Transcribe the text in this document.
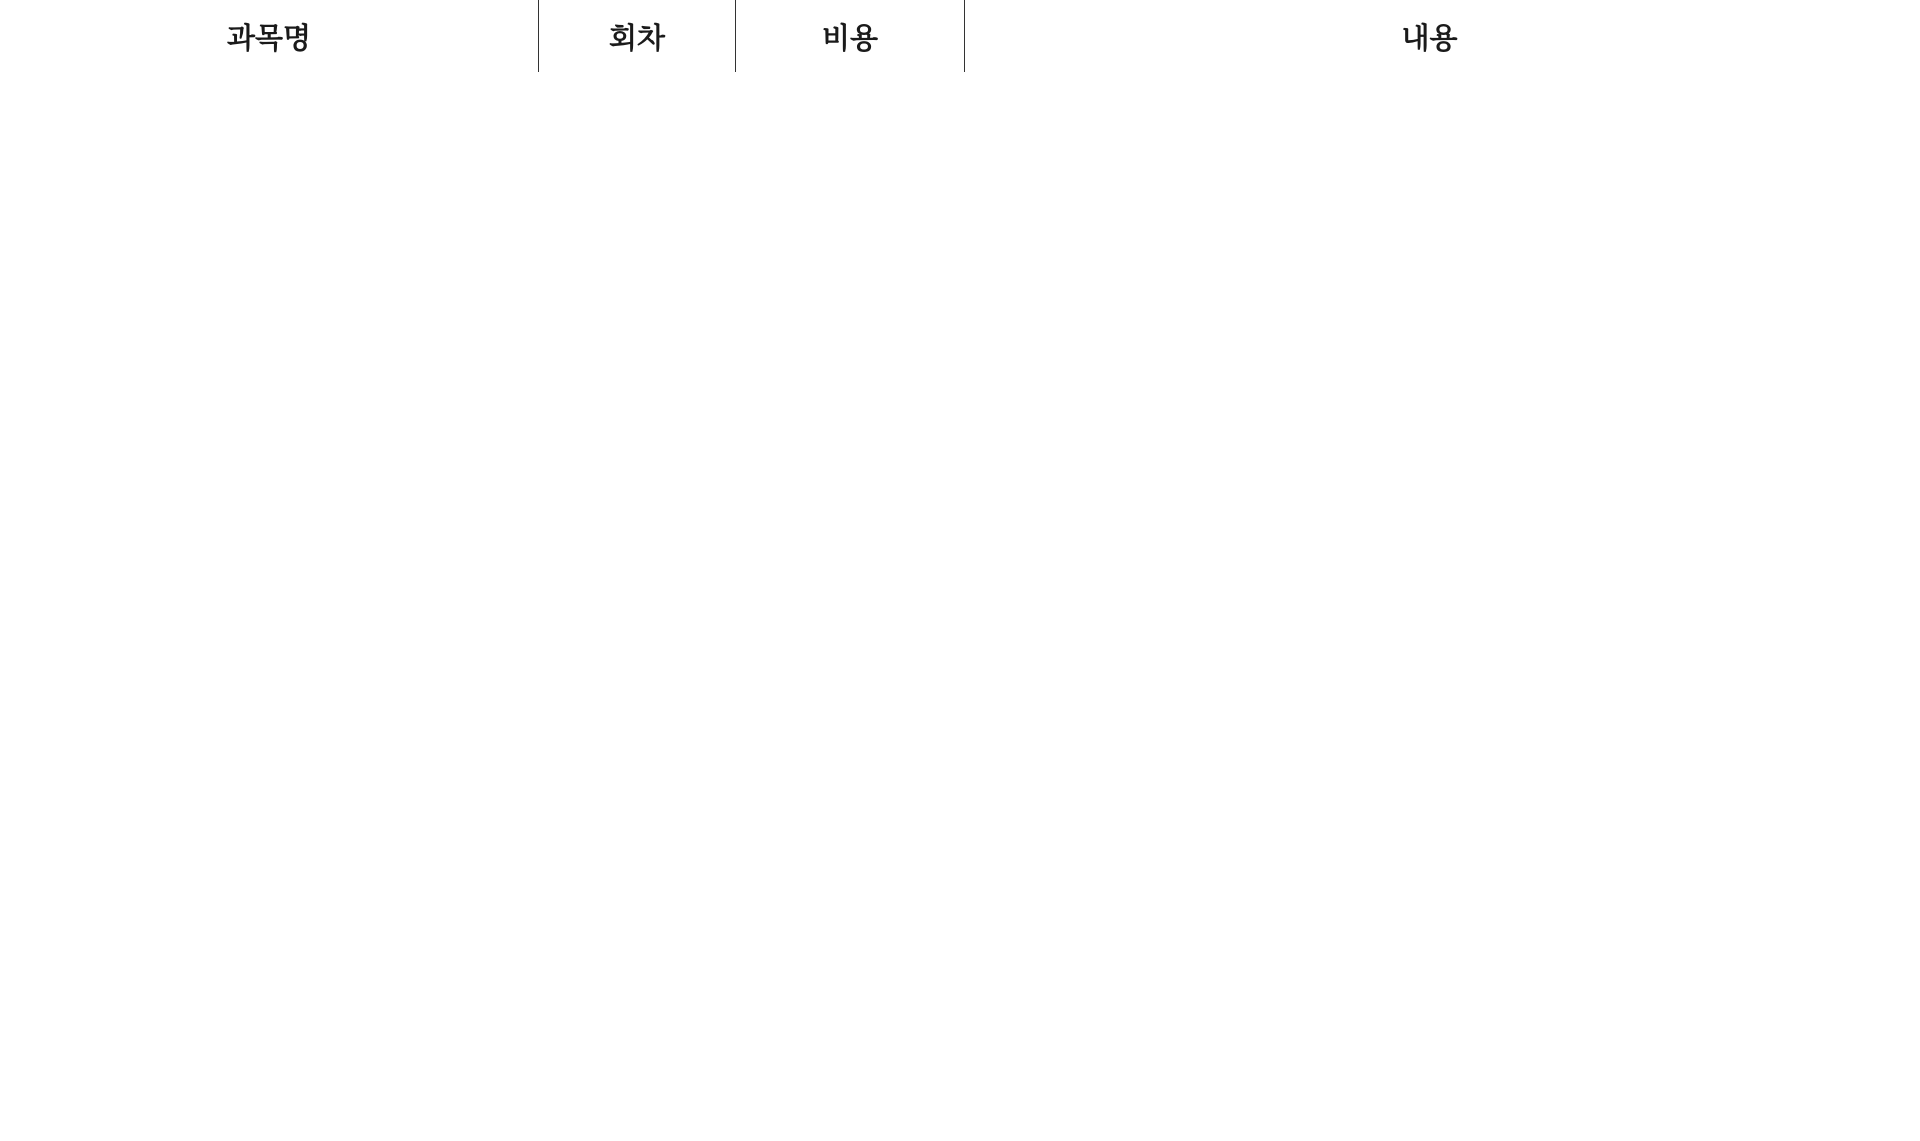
과목명	회차	비용	내용
